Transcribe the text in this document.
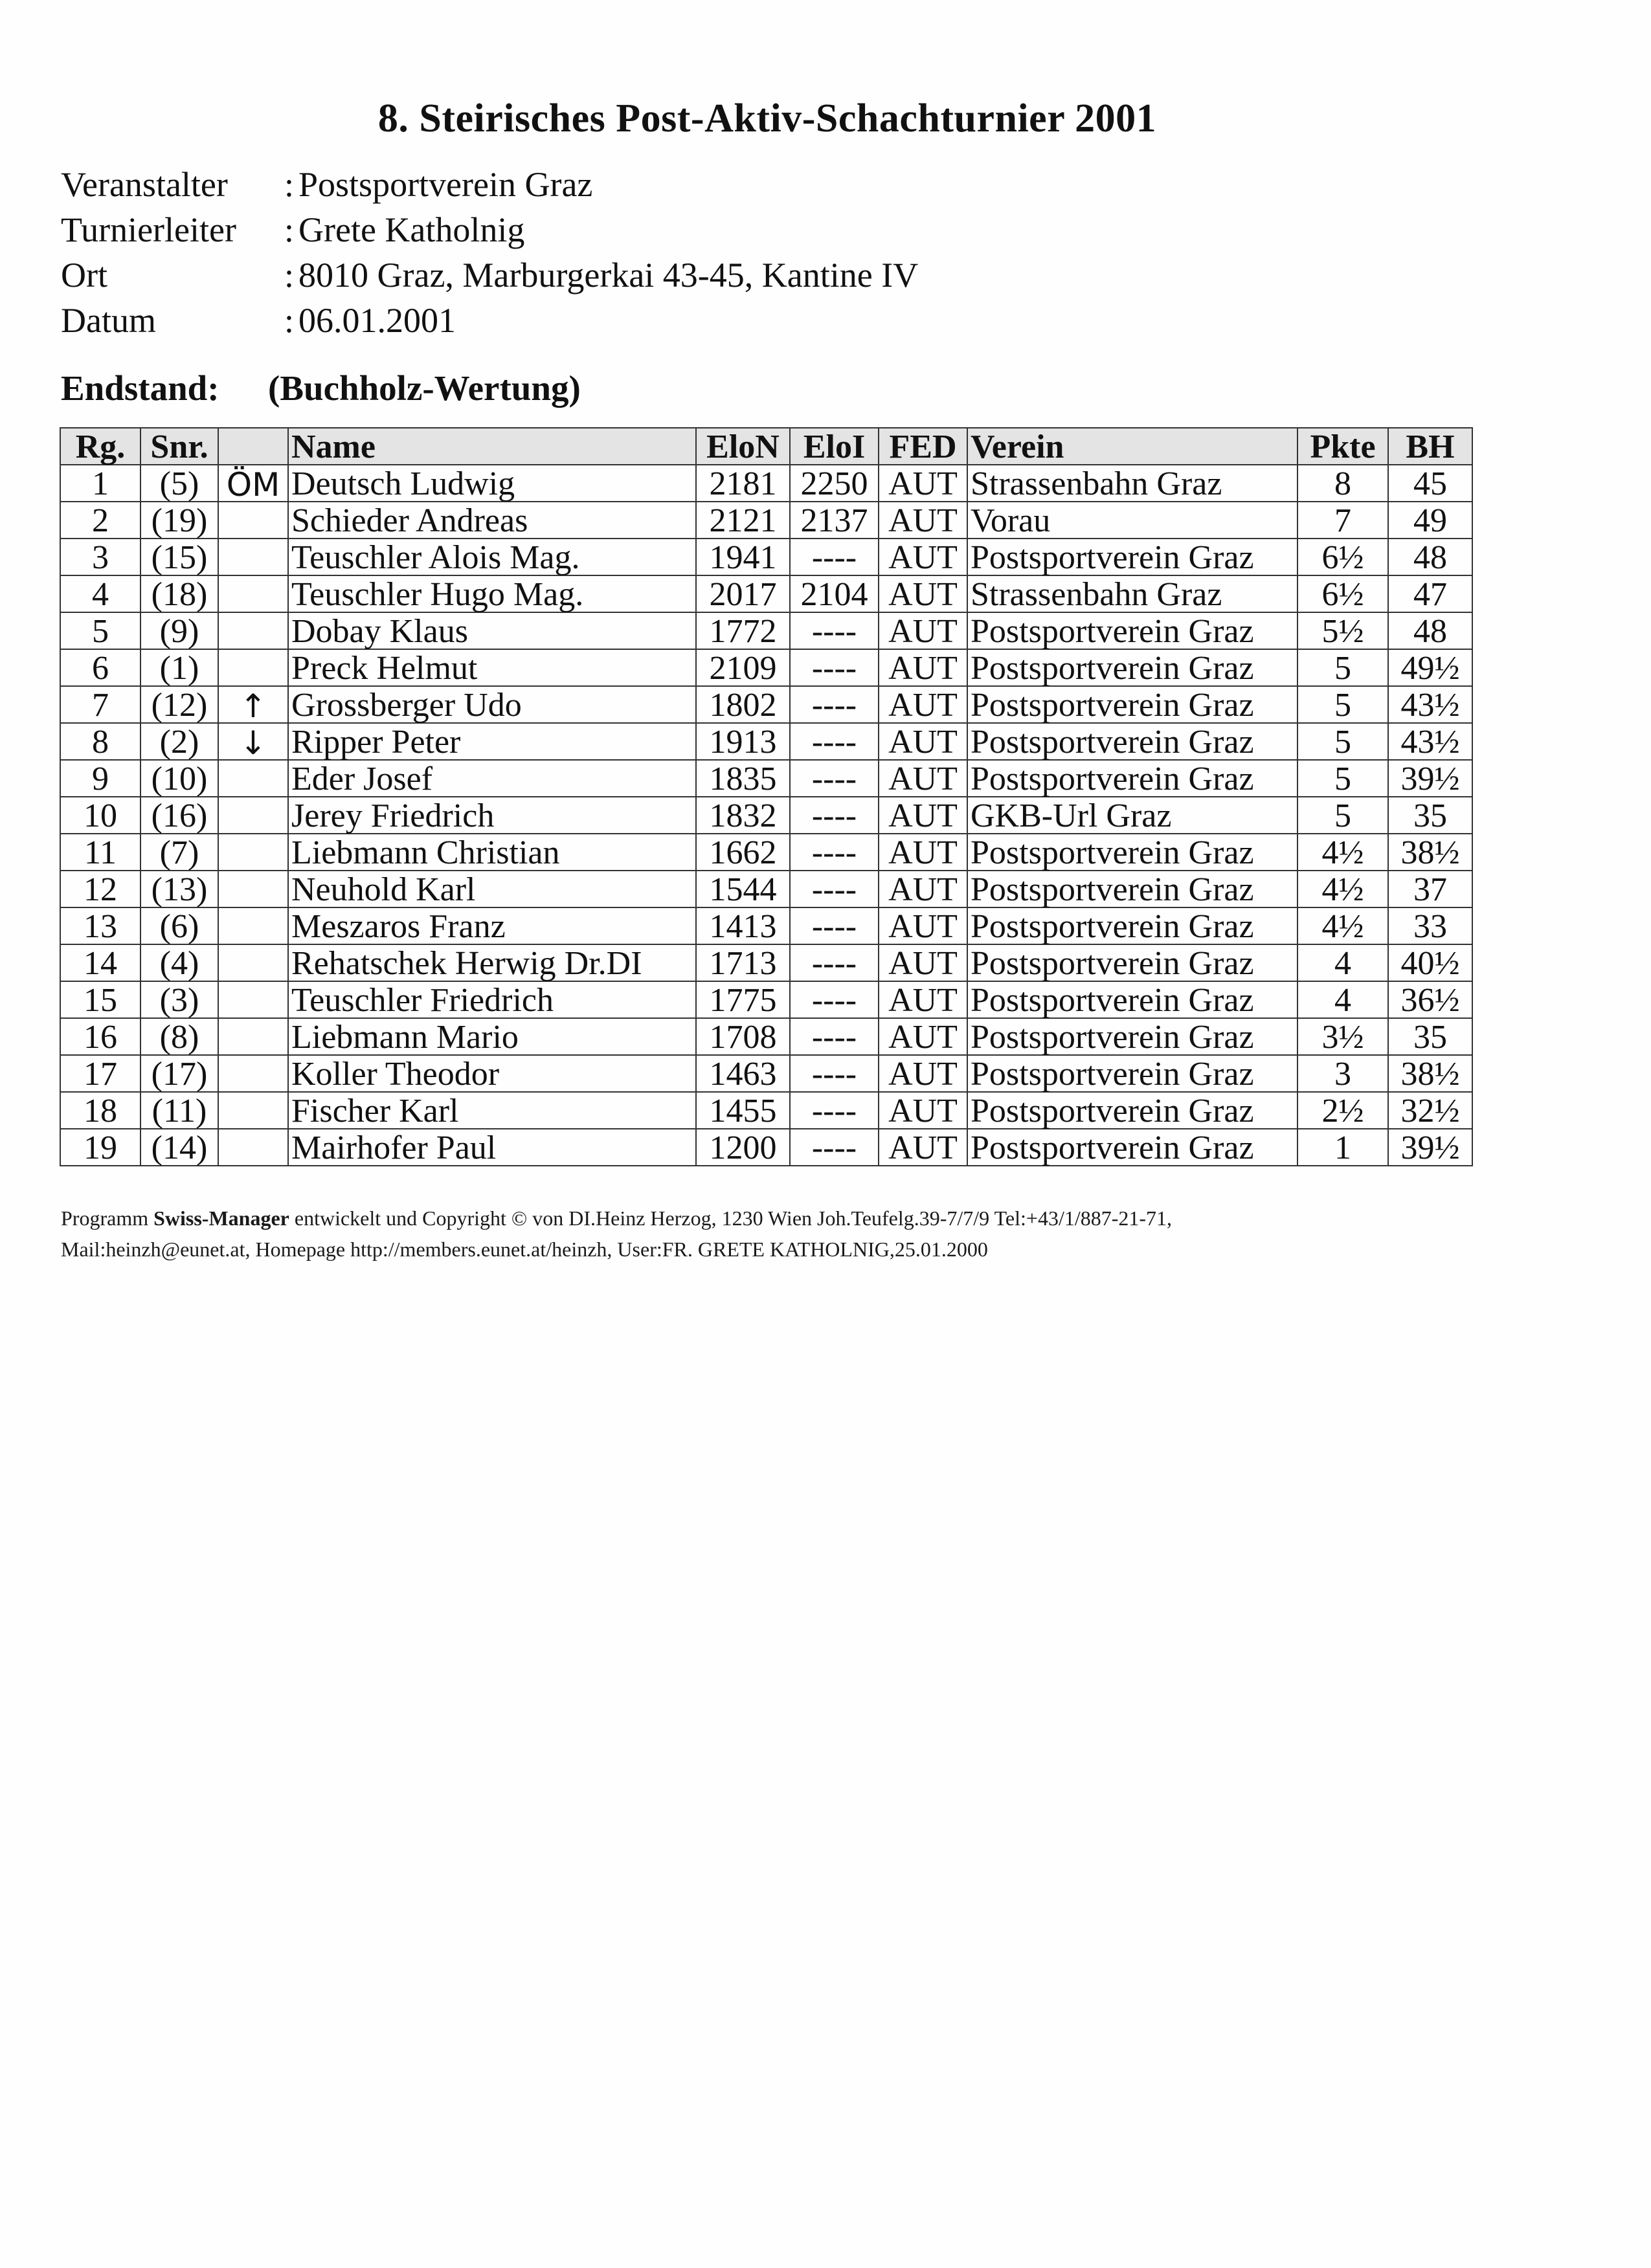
8. Steirisches Post-Aktiv-Schachturnier 2001
Veranstalter	: Postsportverein Graz
Turnierleiter	: Grete Katholnig
Ort	: 8010 Graz, Marburgerkai 43-45, Kantine IV
Datum	: 06.01.2001
Endstand: (Buchholz-Wertung)
Rg.	Snr.		Name	EloN	EloI	FED	Verein	Pkte	BH
1	(5)	ÖM	Deutsch Ludwig	2181	2250	AUT	Strassenbahn Graz	8	45
2	(19)		Schieder Andreas	2121	2137	AUT	Vorau	7	49
3	(15)		Teuschler Alois Mag.	1941	----	AUT	Postsportverein Graz	6½	48
4	(18)		Teuschler Hugo Mag.	2017	2104	AUT	Strassenbahn Graz	6½	47
5	(9)		Dobay Klaus	1772	----	AUT	Postsportverein Graz	5½	48
6	(1)		Preck Helmut	2109	----	AUT	Postsportverein Graz	5	49½
7	(12)	↑	Grossberger Udo	1802	----	AUT	Postsportverein Graz	5	43½
8	(2)	↓	Ripper Peter	1913	----	AUT	Postsportverein Graz	5	43½
9	(10)		Eder Josef	1835	----	AUT	Postsportverein Graz	5	39½
10	(16)		Jerey Friedrich	1832	----	AUT	GKB-Url Graz	5	35
11	(7)		Liebmann Christian	1662	----	AUT	Postsportverein Graz	4½	38½
12	(13)		Neuhold Karl	1544	----	AUT	Postsportverein Graz	4½	37
13	(6)		Meszaros Franz	1413	----	AUT	Postsportverein Graz	4½	33
14	(4)		Rehatschek Herwig Dr.DI	1713	----	AUT	Postsportverein Graz	4	40½
15	(3)		Teuschler Friedrich	1775	----	AUT	Postsportverein Graz	4	36½
16	(8)		Liebmann Mario	1708	----	AUT	Postsportverein Graz	3½	35
17	(17)		Koller Theodor	1463	----	AUT	Postsportverein Graz	3	38½
18	(11)		Fischer Karl	1455	----	AUT	Postsportverein Graz	2½	32½
19	(14)		Mairhofer Paul	1200	----	AUT	Postsportverein Graz	1	39½
Programm Swiss-Manager entwickelt und Copyright © von DI.Heinz Herzog, 1230 Wien Joh.Teufelg.39-7/7/9 Tel:+43/1/887-21-71,
Mail:heinzh@eunet.at, Homepage http://members.eunet.at/heinzh, User:FR. GRETE KATHOLNIG,25.01.2000
